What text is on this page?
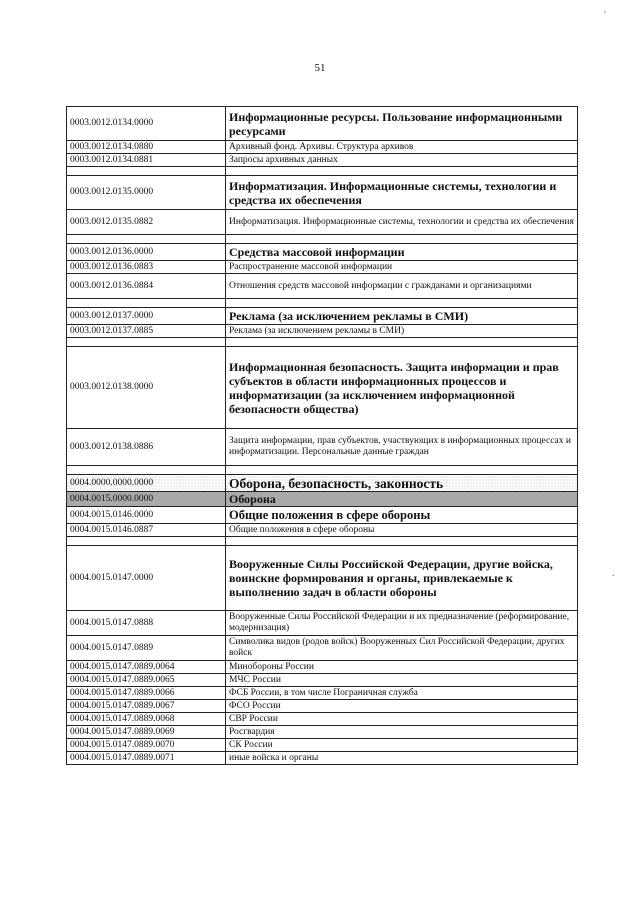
51
'
.
0003.0012.0134.0000	Информационные ресурсы. Пользование информационными ресурсами
0003.0012.0134.0880	Архивный фонд. Архивы. Структура архивов
0003.0012.0134.0881	Запросы архивных данных

0003.0012.0135.0000	Информатизация. Информационные системы, технологии и средства их обеспечения
0003.0012.0135.0882	Информатизация. Информационные системы, технологии и средства их обеспечения

0003.0012.0136.0000	Средства массовой информации
0003.0012.0136.0883	Распространение массовой информации
0003.0012.0136.0884	Отношения средств массовой информации с гражданами и организациями

0003.0012.0137.0000	Реклама (за исключением рекламы в СМИ)
0003.0012.0137.0885	Реклама (за исключением рекламы в СМИ)

0003.0012.0138.0000	Информационная безопасность. Защита информации и прав субъектов в области информационных процессов и информатизации (за исключением информационной безопасности общества)
0003.0012.0138.0886	Защита информации, прав субъектов, участвующих в информационных процессах и информатизации. Персональные данные граждан

0004.0000.0000.0000	Оборона, безопасность, законность
0004.0015.0000.0000	Оборона
0004.0015.0146.0000	Общие положения в сфере обороны
0004.0015.0146.0887	Общие положения в сфере обороны

0004.0015.0147.0000	Вооруженные Силы Российской Федерации, другие войска, воинские формирования и органы, привлекаемые к выполнению задач в области обороны
0004.0015.0147.0888	Вооруженные Силы Российской Федерации и их предназначение (реформирование, модернизация)
0004.0015.0147.0889	Символика видов (родов войск) Вооруженных Сил Российской Федерации, других войск
0004.0015.0147.0889.0064	Минобороны России
0004.0015.0147.0889.0065	МЧС России
0004.0015.0147.0889.0066	ФСБ России, в том числе Пограничная служба
0004.0015.0147.0889.0067	ФСО России
0004.0015.0147.0889.0068	СВР России
0004.0015.0147.0889.0069	Росгвардия
0004.0015.0147.0889.0070	СК России
0004.0015.0147.0889.0071	иные войска и органы
